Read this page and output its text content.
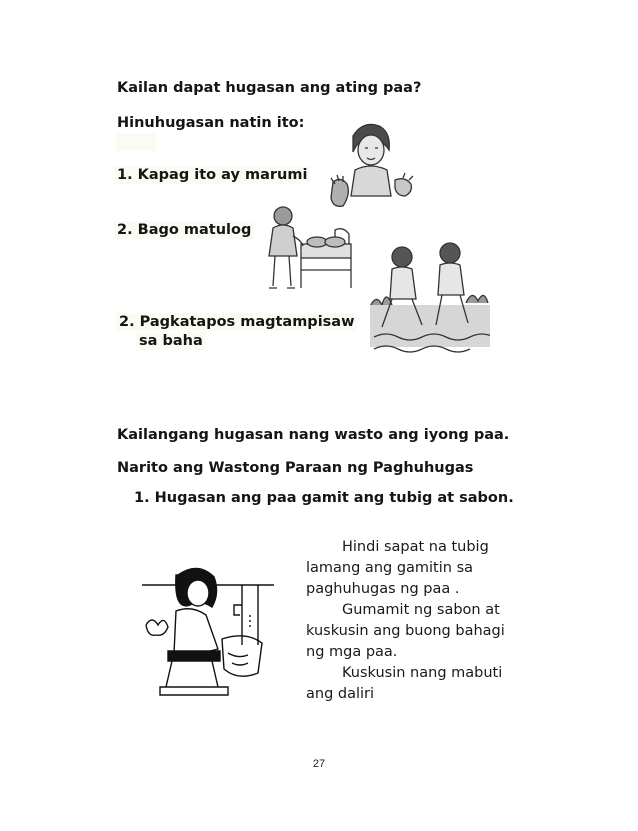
Kailan dapat hugasan ang ating paa?
Hinuhugasan natin ito:
1. Kapag ito ay marumi
2. Bago matulog
2. Pagkatapos magtampisaw
sa baha
Kailangang hugasan nang wasto ang iyong paa.
Narito ang Wastong Paraan ng Paghuhugas
1. Hugasan ang paa gamit ang tubig at sabon.
Hindi sapat na tubig
lamang ang gamitin sa
paghuhugas ng paa .
Gumamit ng sabon at
kuskusin ang buong bahagi
ng mga paa.
Kuskusin nang mabuti
ang daliri
27
